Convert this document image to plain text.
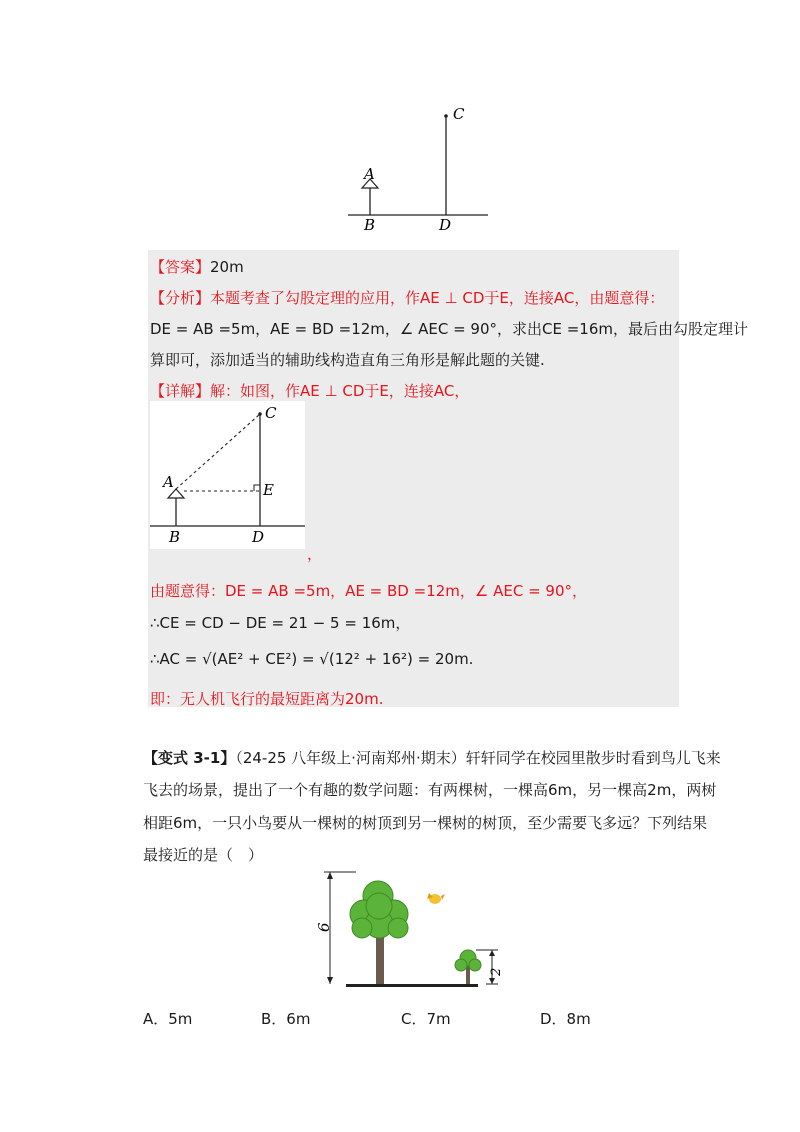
C
A
B	D
【答案】20m
【分析】本题考查了勾股定理的应用，作AE ⊥ CD于E，连接AC，由题意得：
DE = AB =5m，AE = BD =12m，∠ AEC = 90°，求出CE =16m，最后由勾股定理计
算即可，添加适当的辅助线构造直角三角形是解此题的关键.
【详解】解：如图，作AE ⊥ CD于E，连接AC，
C
A	E
B	D
，
由题意得：DE = AB =5m，AE = BD =12m，∠ AEC = 90°，
∴CE = CD − DE = 21 − 5 = 16m，
∴AC = √(AE² + CE²) = √(12² + 16²) = 20m.
即：无人机飞行的最短距离为20m.
【变式 3-1】（24-25 八年级上·河南郑州·期末）轩轩同学在校园里散步时看到鸟儿飞来
飞去的场景，提出了一个有趣的数学问题：有两棵树，一棵高6m，另一棵高2m，两树
相距6m，一只小鸟要从一棵树的树顶到另一棵树的树顶，至少需要飞多远？下列结果
最接近的是（　）
6
2
A．5m	B．6m	C．7m	D．8m
